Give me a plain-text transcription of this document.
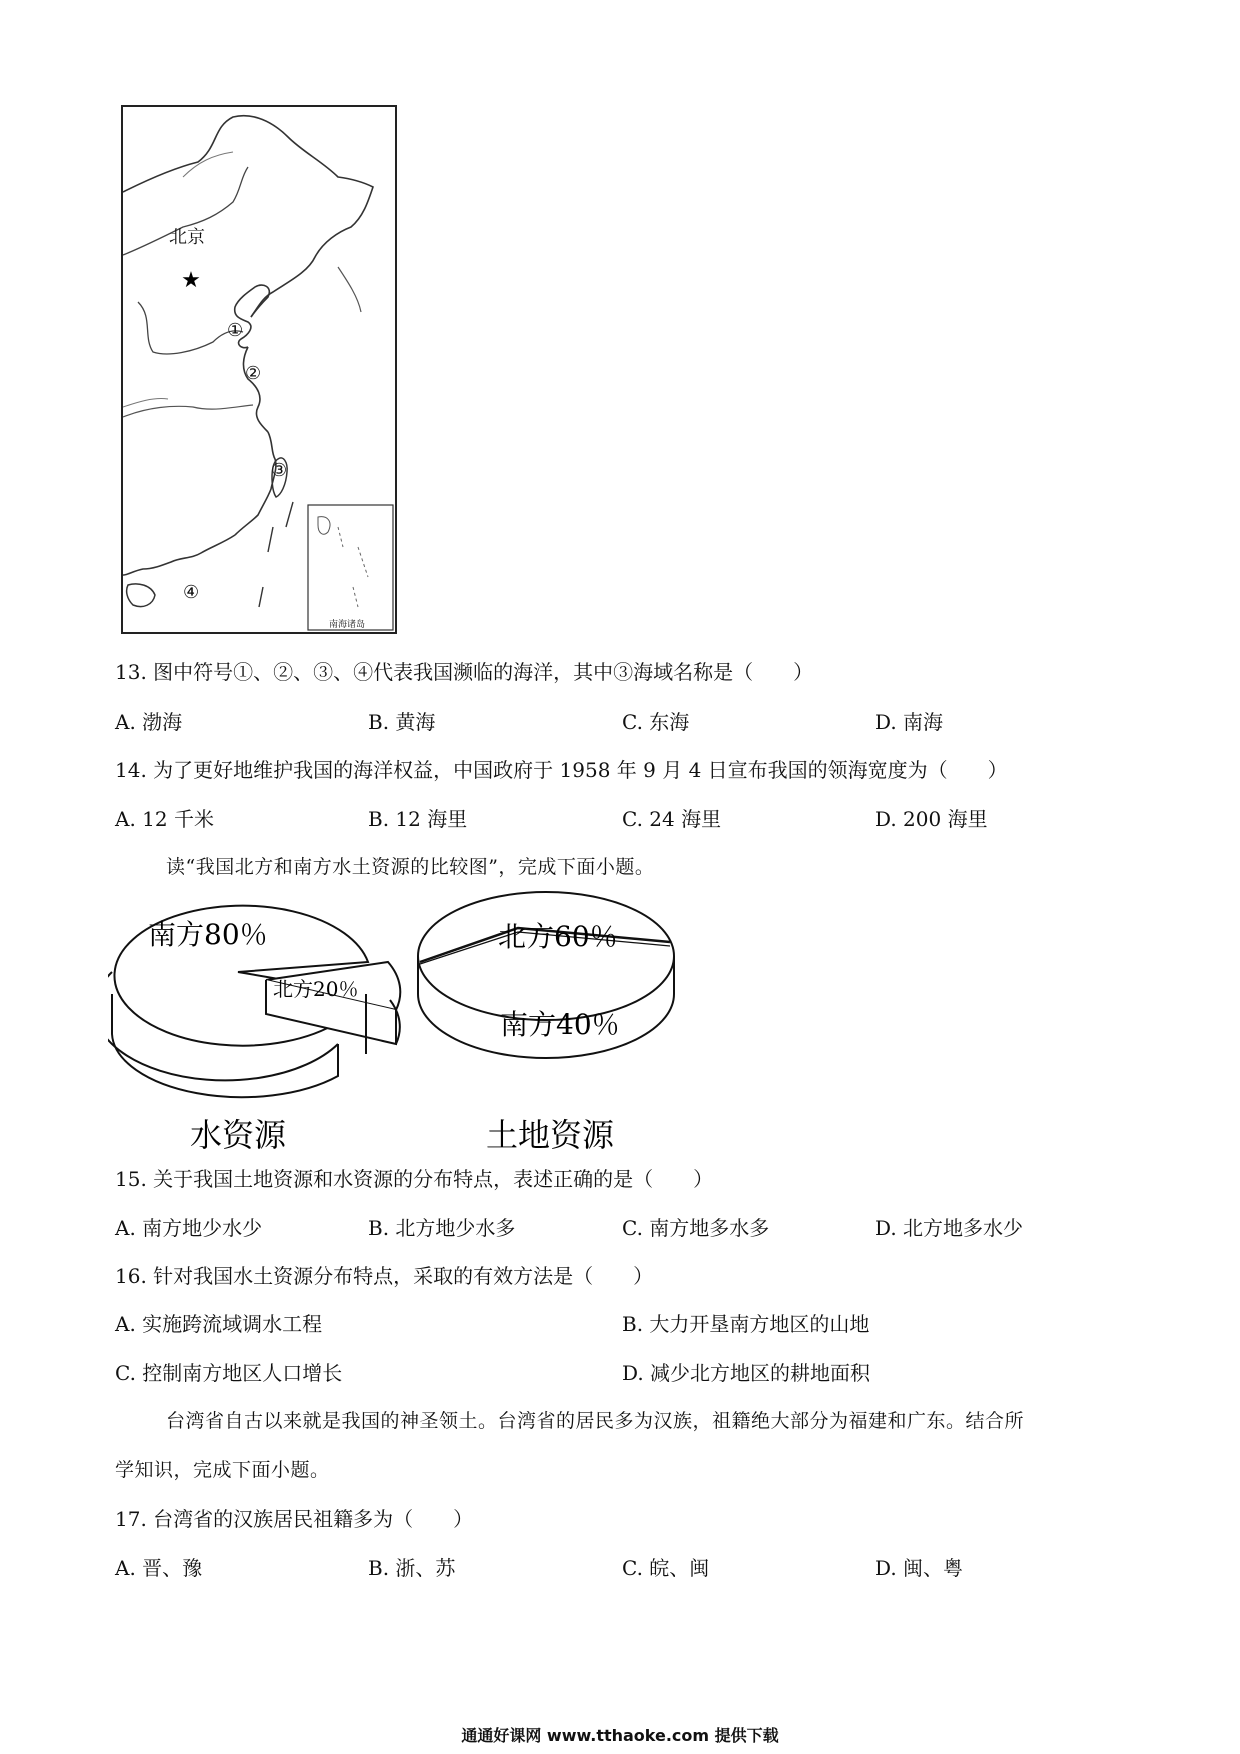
★
北京
①
②
③
④
南海诸岛
13. 图中符号①、②、③、④代表我国濒临的海洋，其中③海域名称是（　　）
A. 渤海	B. 黄海	C. 东海	D. 南海
14. 为了更好地维护我国的海洋权益，中国政府于 1958 年 9 月 4 日宣布我国的领海宽度为（　　）
A. 12 千米	B. 12 海里	C. 24 海里	D. 200 海里
读“我国北方和南方水土资源的比较图”，完成下面小题。
南方80％
北方20％
水资源
北方60％
南方40％
土地资源
15. 关于我国土地资源和水资源的分布特点，表述正确的是（　　）
A. 南方地少水少	B. 北方地少水多	C. 南方地多水多	D. 北方地多水少
16. 针对我国水土资源分布特点，采取的有效方法是（　　）
A. 实施跨流域调水工程	B. 大力开垦南方地区的山地
C. 控制南方地区人口增长	D. 减少北方地区的耕地面积
台湾省自古以来就是我国的神圣领土。台湾省的居民多为汉族，祖籍绝大部分为福建和广东。结合所
学知识，完成下面小题。
17. 台湾省的汉族居民祖籍多为（　　）
A. 晋、豫	B. 浙、苏	C. 皖、闽	D. 闽、粤
通通好课网 www.tthaoke.com 提供下载
